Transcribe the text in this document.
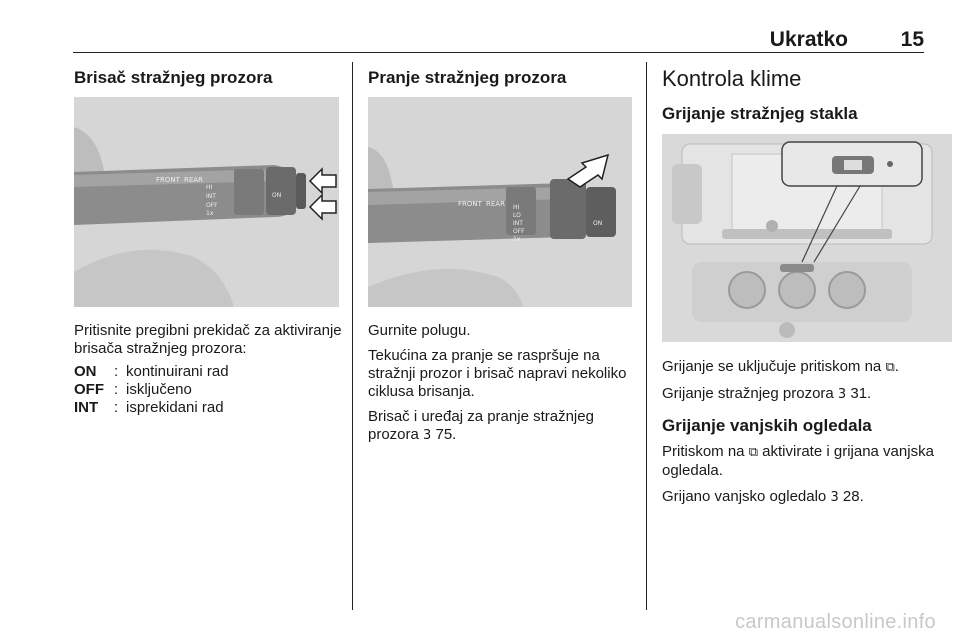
Ukratko	15
Brisač stražnjeg prozora
FRONT REAR
HI
INT
OFF
1x
ON

Pritisnite pregibni prekidač za aktiviranje brisača stražnjeg prozora:

ON	: kontinuirani rad
OFF : isključeno
INT	: isprekidani rad
Pranje stražnjeg prozora
FRONT REAR HI
LO
INT
OFF
1x
ON

Gurnite polugu.

Tekućina za pranje se raspršuje na stražnji prozor i brisač napravi nekoliko ciklusa brisanja.

Brisač i uređaj za pranje stražnjeg prozora 3 75.

Kontrola klime
Grijanje stražnjeg stakla

Grijanje se uključuje pritiskom na ⧉.

Grijanje stražnjeg prozora 3 31.

Grijanje vanjskih ogledala

Pritiskom na ⧉ aktivirate i grijana vanjska ogledala.

Grijano vanjsko ogledalo 3 28.

carmanualsonline.info
